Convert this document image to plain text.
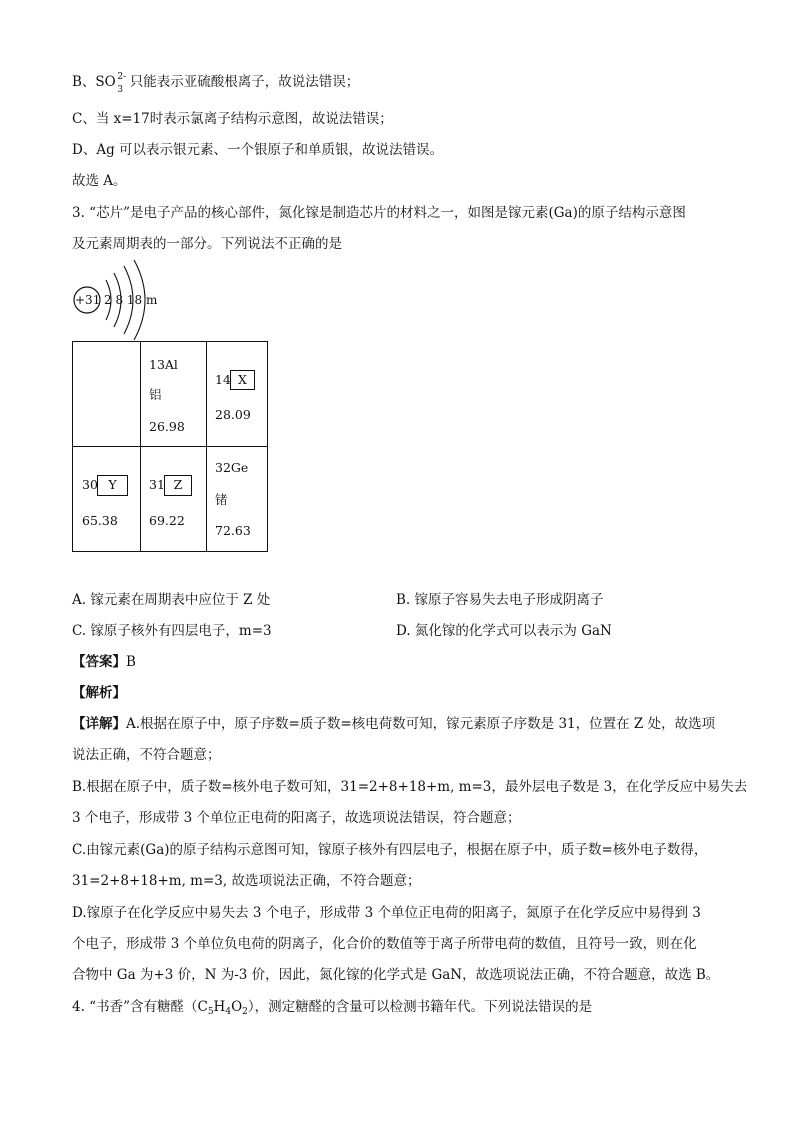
B、SO 2-
3 只能表示亚硫酸根离子，故说法错误；
C、当 x=17时表示氯离子结构示意图，故说法错误；
D、Ag 可以表示银元素、一个银原子和单质银，故说法错误。
故选 A。
3. “芯片”是电子产品的核心部件，氮化镓是制造芯片的材料之一，如图是镓元素(Ga)的原子结构示意图
及元素周期表的一部分。下列说法不正确的是
+31 2 8 18 m
13Al
铝
26.98
14 X
28.09
30 Y
65.38
31 Z
69.22
32Ge
锗
72.63
A. 镓元素在周期表中应位于 Z 处	B. 镓原子容易失去电子形成阴离子
C. 镓原子核外有四层电子，m=3	D. 氮化镓的化学式可以表示为 GaN
【答案】B
【解析】
【详解】A.根据在原子中，原子序数=质子数=核电荷数可知，镓元素原子序数是 31，位置在 Z 处，故选项
说法正确，不符合题意；
B.根据在原子中，质子数=核外电子数可知，31=2+8+18+m, m=3，最外层电子数是 3，在化学反应中易失去
3 个电子，形成带 3 个单位正电荷的阳离子，故选项说法错误，符合题意；
C.由镓元素(Ga)的原子结构示意图可知，镓原子核外有四层电子，根据在原子中，质子数=核外电子数得，
31=2+8+18+m, m=3, 故选项说法正确，不符合题意；
D.镓原子在化学反应中易失去 3 个电子，形成带 3 个单位正电荷的阳离子，氮原子在化学反应中易得到 3
个电子，形成带 3 个单位负电荷的阴离子，化合价的数值等于离子所带电荷的数值，且符号一致，则在化
合物中 Ga 为+3 价，N 为-3 价，因此，氮化镓的化学式是 GaN，故选项说法正确，不符合题意，故选 B。
4. “书香”含有糖醛$(C_5H_4O_2)$，测定糖醛的含量可以检测书籍年代。下列说法错误的是
